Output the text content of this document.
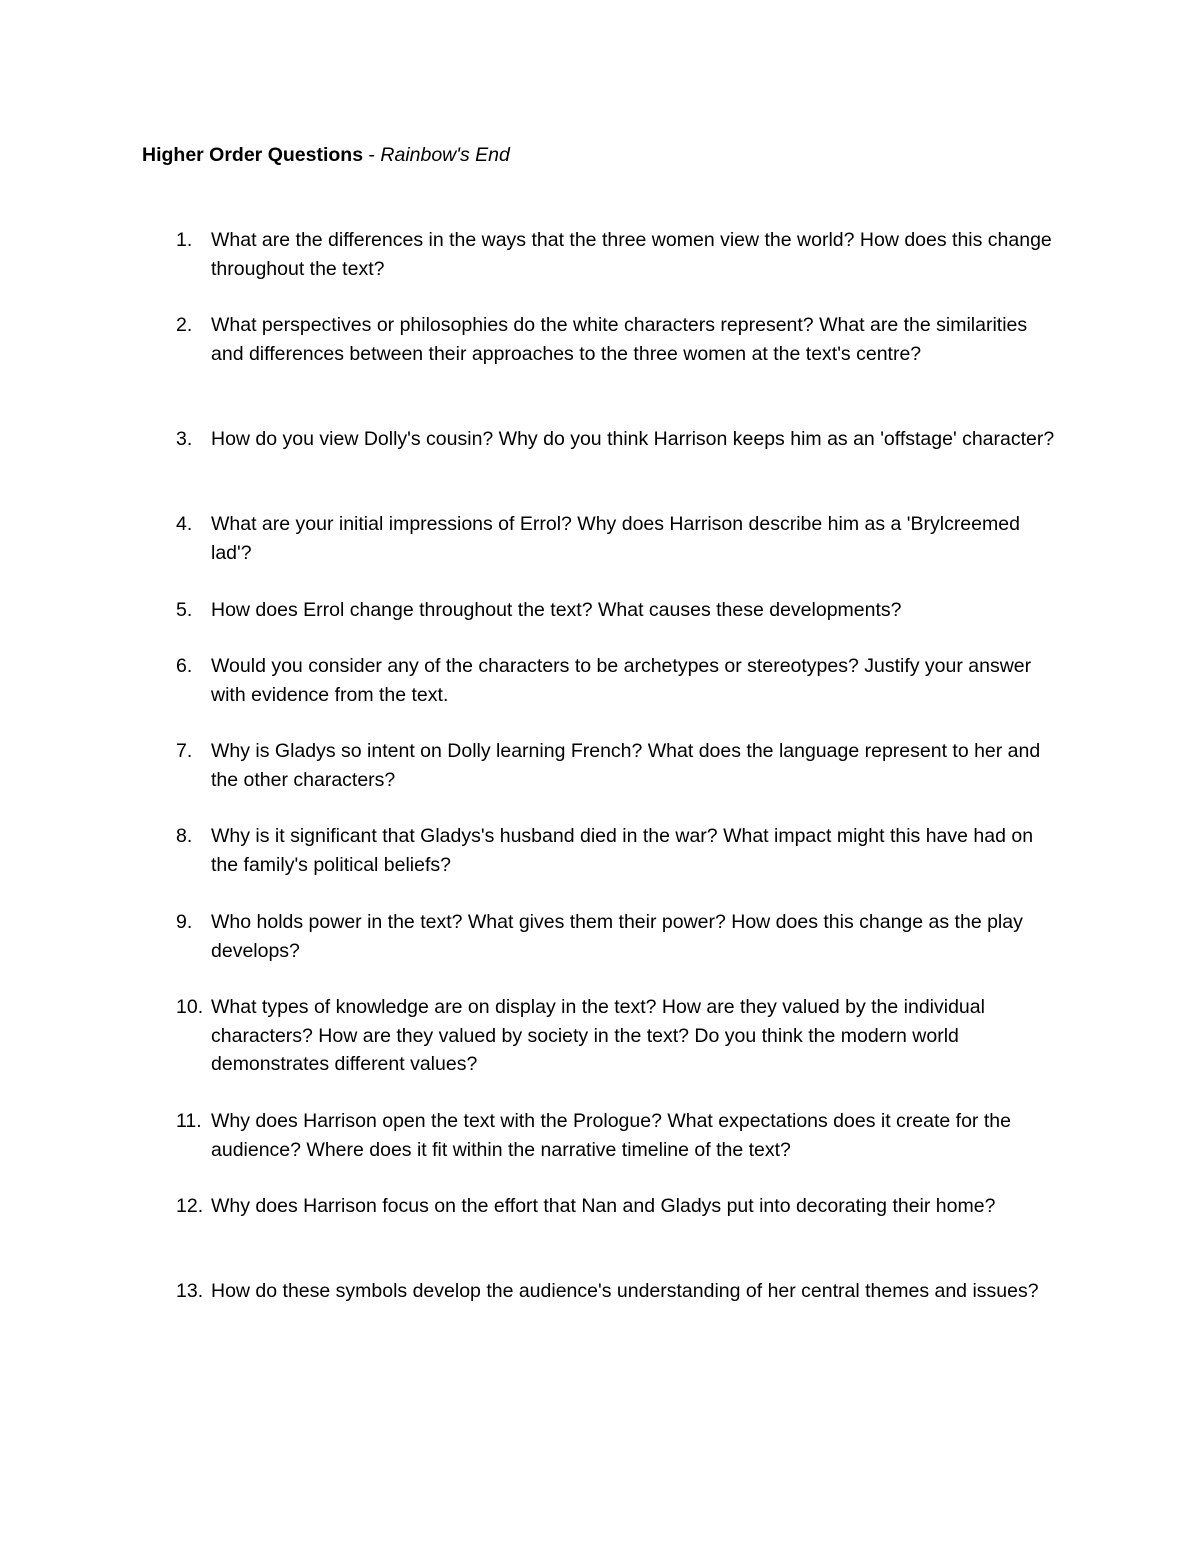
Higher Order Questions - Rainbow's End

1. What are the differences in the ways that the three women view the world? How does this change throughout the text?
2. What perspectives or philosophies do the white characters represent? What are the similarities and differences between their approaches to the three women at the text's centre?
3. How do you view Dolly's cousin? Why do you think Harrison keeps him as an 'offstage' character?
4. What are your initial impressions of Errol? Why does Harrison describe him as a 'Brylcreemed lad'?
5. How does Errol change throughout the text? What causes these developments?
6. Would you consider any of the characters to be archetypes or stereotypes? Justify your answer with evidence from the text.
7. Why is Gladys so intent on Dolly learning French? What does the language represent to her and the other characters?
8. Why is it significant that Gladys's husband died in the war? What impact might this have had on the family's political beliefs?
9. Who holds power in the text? What gives them their power? How does this change as the play develops?
10. What types of knowledge are on display in the text? How are they valued by the individual characters? How are they valued by society in the text? Do you think the modern world demonstrates different values?
11. Why does Harrison open the text with the Prologue? What expectations does it create for the audience? Where does it fit within the narrative timeline of the text?
12. Why does Harrison focus on the effort that Nan and Gladys put into decorating their home?
13. How do these symbols develop the audience's understanding of her central themes and issues?
